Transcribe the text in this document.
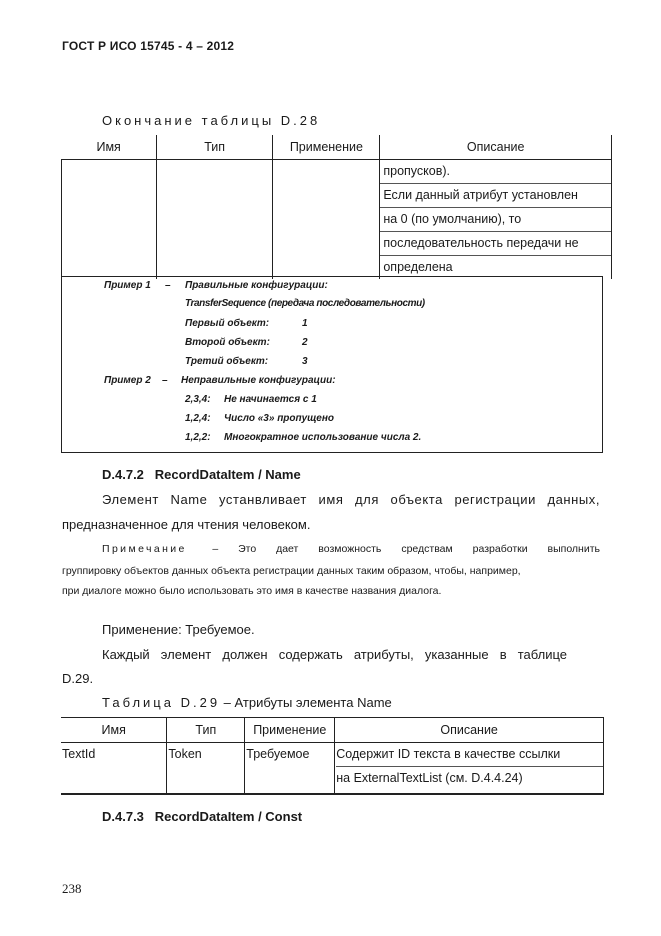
ГОСТ Р ИСО 15745 - 4 – 2012
Окончание таблицы D.28
Имя	Тип	Применение	Описание

			пропусков).
Если данный атрибут установлен
на 0 (по умолчанию), то
последовательность передачи не
определена
Пример 1 – Правильные конфигурации:
TransferSequence (передача последовательности)
Первый объект:	1
Второй объект:	2
Третий объект:	3
Пример 2 – Неправильные конфигурации:
2,3,4: Не начинается с 1
1,2,4: Число «3» пропущено
1,2,2: Многократное использование числа 2.
D.4.7.2 RecordDataItem / Name
Элемент Name устанвливает имя для объекта регистрации данных,
предназначенное для чтения человеком.
Примечание – Это дает возможность средствам разработки выполнить
группировку объектов данных объекта регистрации данных таким образом, чтобы, например,
при диалоге можно было использовать это имя в качестве названия диалога.
Применение: Требуемое.
Каждый элемент должен содержать атрибуты, указанные в таблице
D.29.
Таблица D.29 – Атрибуты элемента Name
Имя	Тип	Применение	Описание
TextId	Token	Требуемое	Содержит ID текста в качестве ссылки
на ExternalTextList (см. D.4.4.24)

D.4.7.3 RecordDataItem / Const
238
